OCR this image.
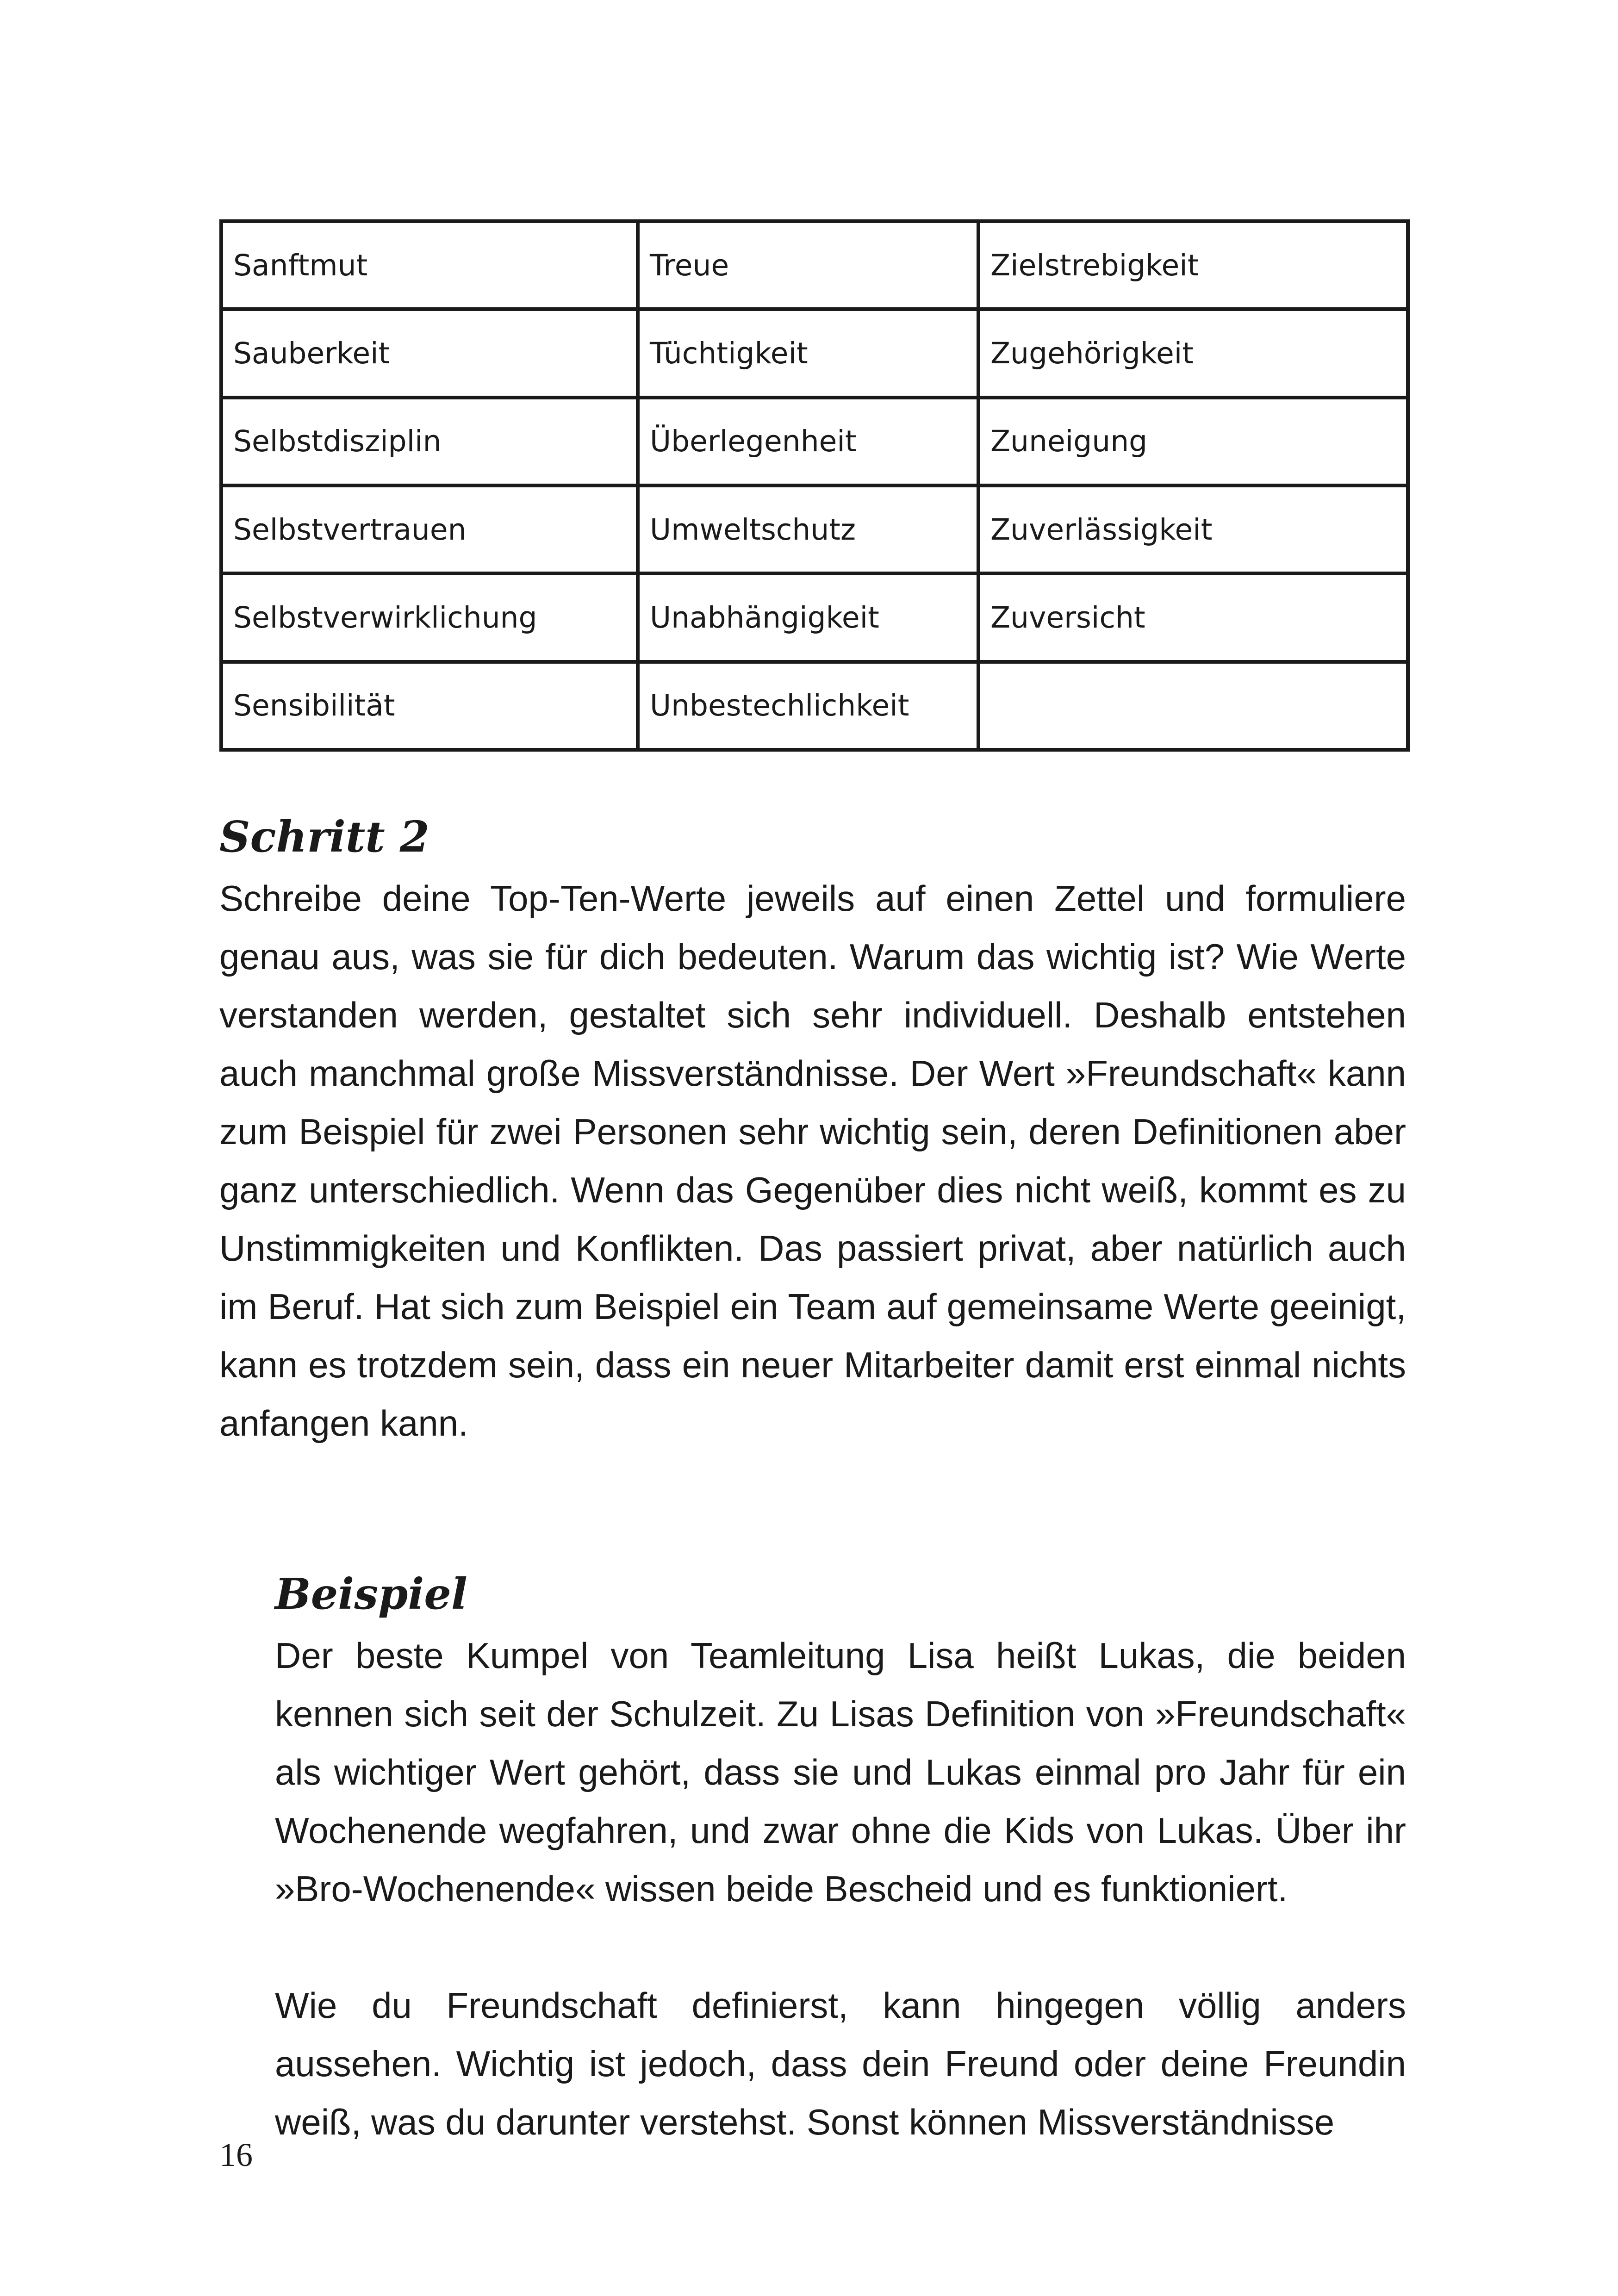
Sanftmut	Treue	Zielstrebigkeit
Sauberkeit	Tüchtigkeit	Zugehörigkeit
Selbstdisziplin	Überlegenheit	Zuneigung
Selbstvertrauen	Umweltschutz	Zuverlässigkeit
Selbstverwirklichung	Unabhängigkeit	Zuversicht
Sensibilität	Unbestechlichkeit	
Schritt 2

Schreibe deine Top-Ten-Werte jeweils auf einen Zettel und formuliere genau aus, was sie für dich bedeuten. Warum das wichtig ist? Wie Werte verstanden werden, gestaltet sich sehr individuell. Deshalb entstehen auch manchmal große Missverständnisse. Der Wert »Freundschaft« kann zum Beispiel für zwei Personen sehr wichtig sein, deren Definitionen aber ganz unterschiedlich. Wenn das Gegenüber dies nicht weiß, kommt es zu Unstimmigkeiten und Konflikten. Das passiert privat, aber natürlich auch im Beruf. Hat sich zum Beispiel ein Team auf gemeinsame Werte geeinigt, kann es trotzdem sein, dass ein neuer Mitarbeiter damit erst einmal nichts anfangen kann.

Beispiel

Der beste Kumpel von Teamleitung Lisa heißt Lukas, die beiden kennen sich seit der Schulzeit. Zu Lisas Definition von »Freundschaft« als wichtiger Wert gehört, dass sie und Lukas einmal pro Jahr für ein Wochenende wegfahren, und zwar ohne die Kids von Lukas. Über ihr »Bro-Wochenende« wissen beide Bescheid und es funktioniert.

Wie du Freundschaft definierst, kann hingegen völlig anders aussehen. Wichtig ist jedoch, dass dein Freund oder deine Freundin weiß, was du darunter verstehst. Sonst können Missverständnisse

16
